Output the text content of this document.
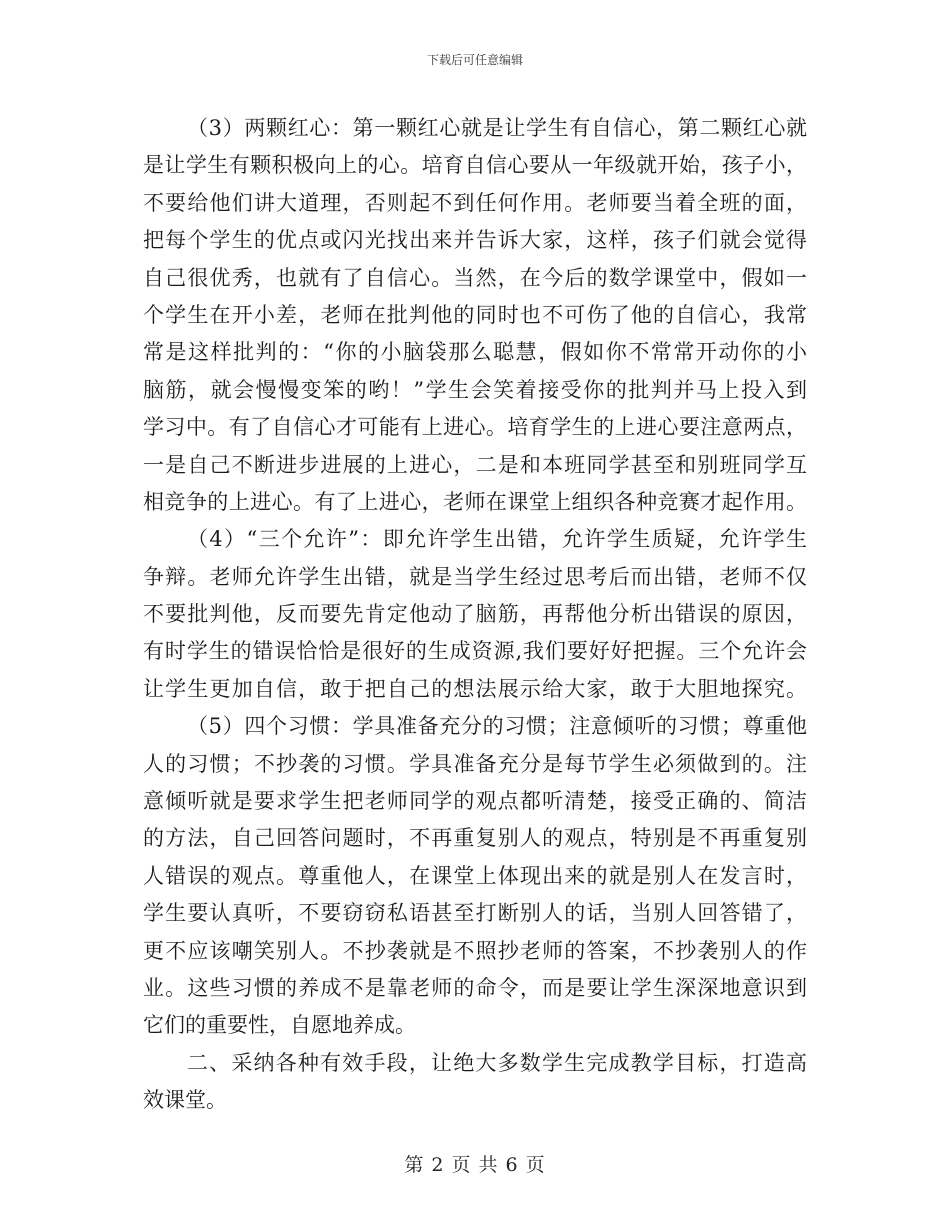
下载后可任意编辑
（3）两颗红心：第一颗红心就是让学生有自信心，第二颗红心就
是让学生有颗积极向上的心。培育自信心要从一年级就开始，孩子小，
不要给他们讲大道理，否则起不到任何作用。老师要当着全班的面，
把每个学生的优点或闪光找出来并告诉大家，这样，孩子们就会觉得
自己很优秀，也就有了自信心。当然，在今后的数学课堂中，假如一
个学生在开小差，老师在批判他的同时也不可伤了他的自信心，我常
常是这样批判的：“你的小脑袋那么聪慧，假如你不常常开动你的小
脑筋，就会慢慢变笨的哟！”学生会笑着接受你的批判并马上投入到
学习中。有了自信心才可能有上进心。培育学生的上进心要注意两点，
一是自己不断进步进展的上进心，二是和本班同学甚至和别班同学互
相竞争的上进心。有了上进心，老师在课堂上组织各种竞赛才起作用。
（4）“三个允许”：即允许学生出错，允许学生质疑，允许学生
争辩。老师允许学生出错，就是当学生经过思考后而出错，老师不仅
不要批判他，反而要先肯定他动了脑筋，再帮他分析出错误的原因，
有时学生的错误恰恰是很好的生成资源,我们要好好把握。三个允许会
让学生更加自信，敢于把自己的想法展示给大家，敢于大胆地探究。
（5）四个习惯：学具准备充分的习惯；注意倾听的习惯；尊重他
人的习惯；不抄袭的习惯。学具准备充分是每节学生必须做到的。注
意倾听就是要求学生把老师同学的观点都听清楚，接受正确的、简洁
的方法，自己回答问题时，不再重复别人的观点，特别是不再重复别
人错误的观点。尊重他人，在课堂上体现出来的就是别人在发言时，
学生要认真听，不要窃窃私语甚至打断别人的话，当别人回答错了，
更不应该嘲笑别人。不抄袭就是不照抄老师的答案，不抄袭别人的作
业。这些习惯的养成不是靠老师的命令，而是要让学生深深地意识到
它们的重要性，自愿地养成。
二、采纳各种有效手段，让绝大多数学生完成教学目标，打造高
效课堂。
第 2 页 共 6 页
